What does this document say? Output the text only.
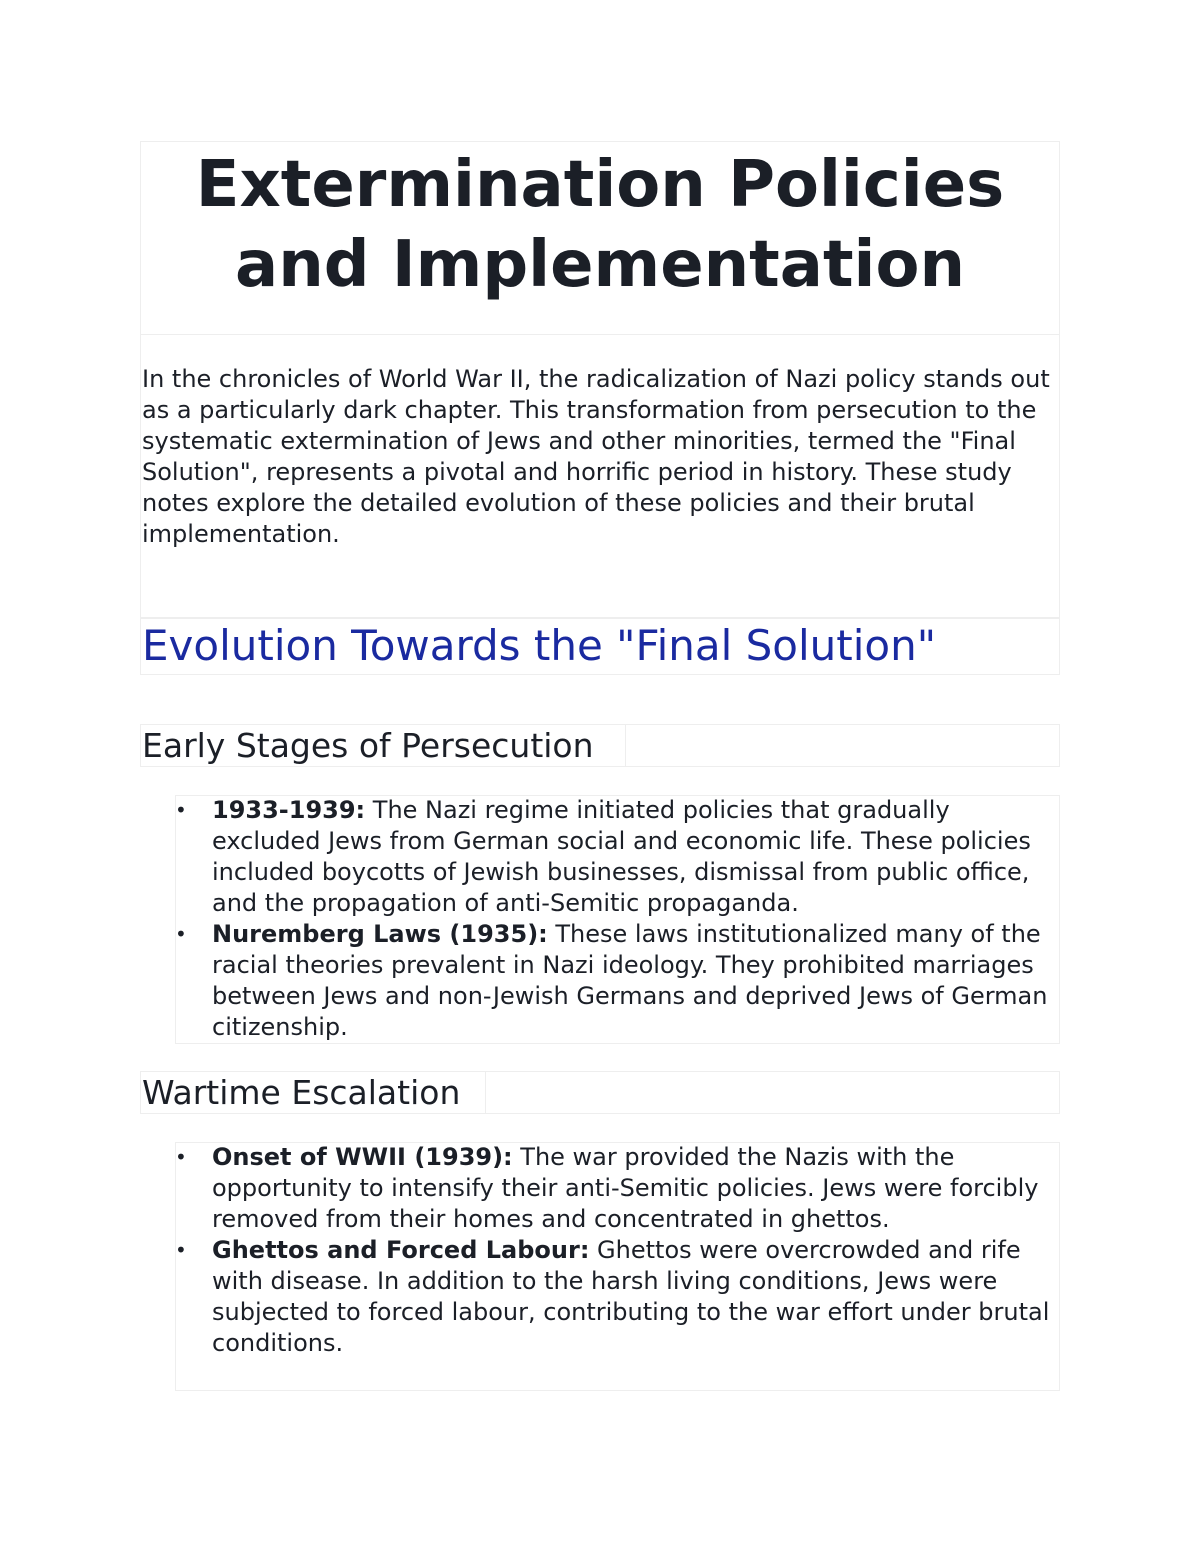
Extermination Policies
and Implementation

In the chronicles of World War II, the radicalization of Nazi policy stands out as a particularly dark chapter. This transformation from persecution to the systematic extermination of Jews and other minorities, termed the "Final Solution", represents a pivotal and horrific period in history. These study notes explore the detailed evolution of these policies and their brutal implementation.

Evolution Towards the "Final Solution"
Early Stages of Persecution
• 1933-1939: The Nazi regime initiated policies that gradually excluded Jews from German social and economic life. These policies included boycotts of Jewish businesses, dismissal from public office, and the propagation of anti-Semitic propaganda.
• Nuremberg Laws (1935): These laws institutionalized many of the racial theories prevalent in Nazi ideology. They prohibited marriages between Jews and non-Jewish Germans and deprived Jews of German citizenship.
Wartime Escalation
• Onset of WWII (1939): The war provided the Nazis with the opportunity to intensify their anti-Semitic policies. Jews were forcibly removed from their homes and concentrated in ghettos.
• Ghettos and Forced Labour: Ghettos were overcrowded and rife with disease. In addition to the harsh living conditions, Jews were subjected to forced labour, contributing to the war effort under brutal conditions.
